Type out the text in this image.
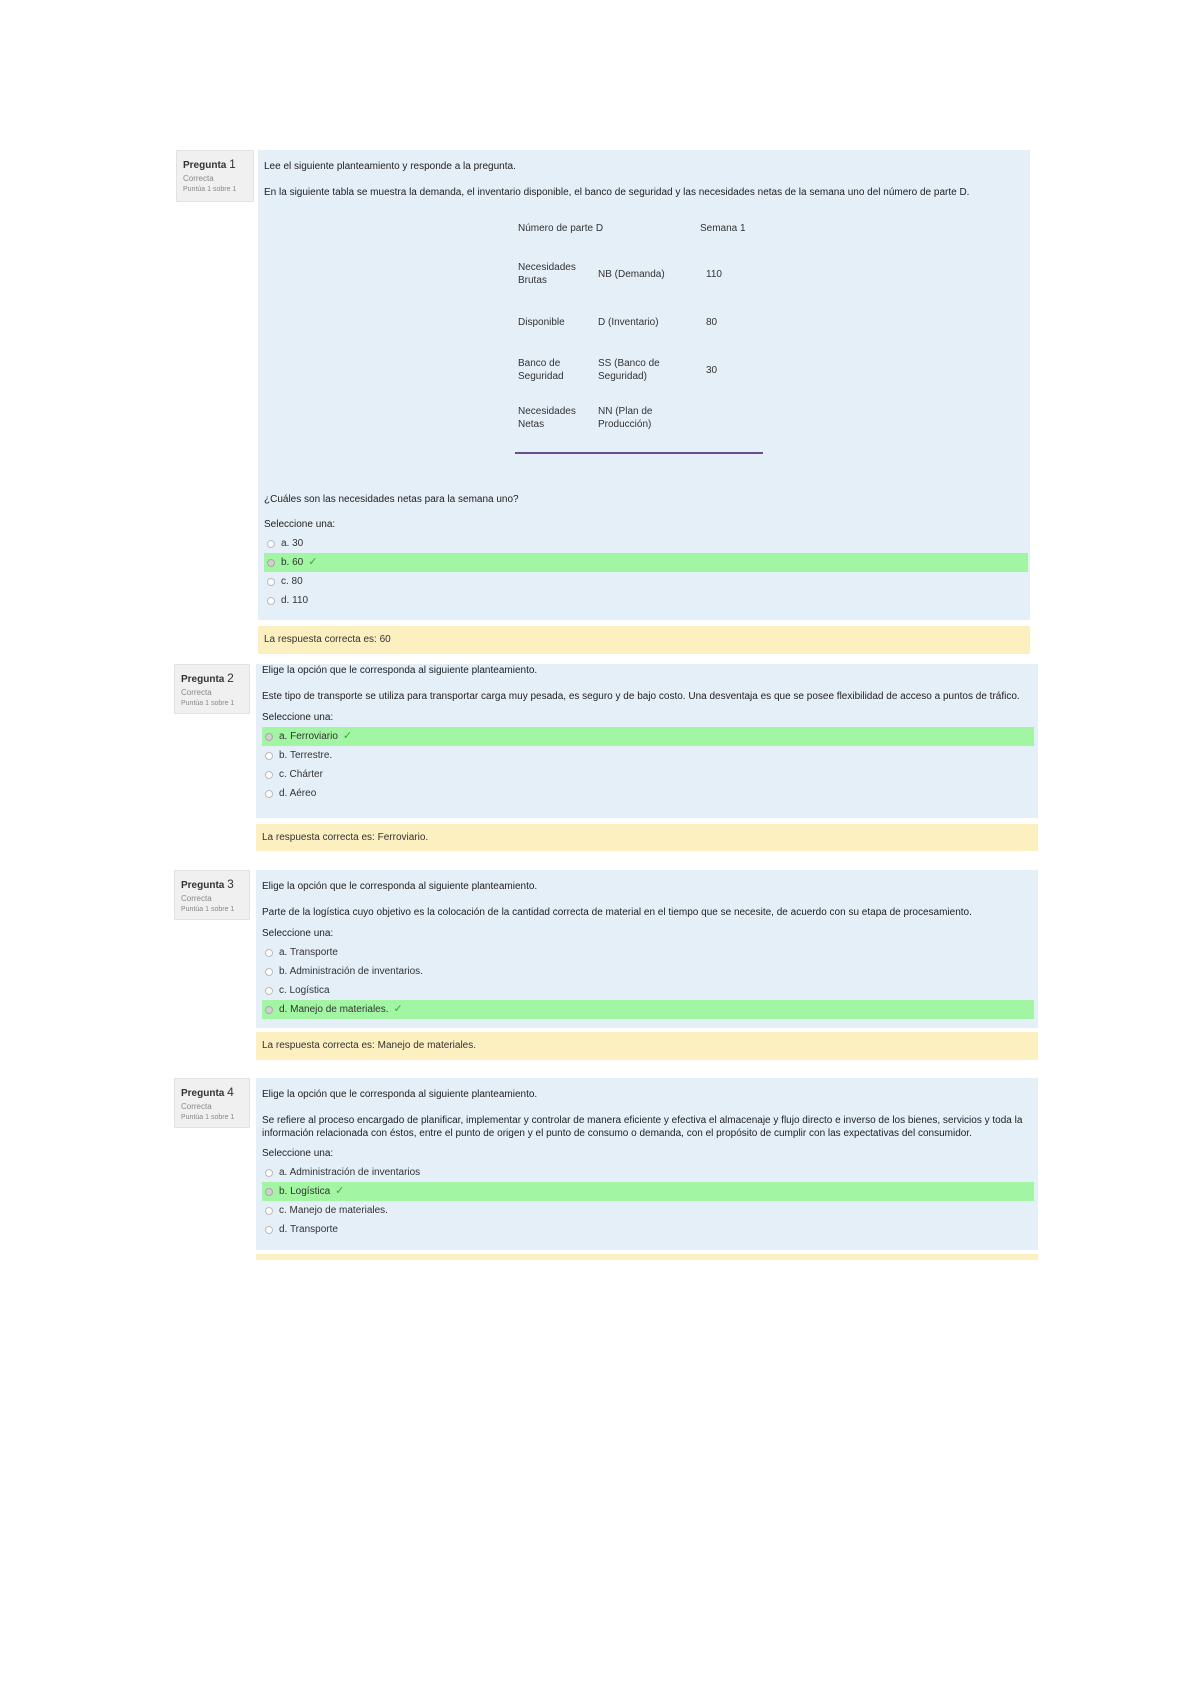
Pregunta 1
Correcta
Puntúa 1 sobre 1

Lee el siguiente planteamiento y responde a la pregunta.

En la siguiente tabla se muestra la demanda, el inventario disponible, el banco de seguridad y las necesidades netas de la semana uno del número de parte D.

Número de parte D		Semana 1
Necesidades Brutas	NB (Demanda)	110
Disponible	D (Inventario)	80
Banco de Seguridad	SS (Banco de Seguridad)	30
Necesidades Netas	NN (Plan de Producción)	
¿Cuáles son las necesidades netas para la semana uno?
Seleccione una:
a. 30
b. 60 ✓
c. 80
d. 110
La respuesta correcta es: 60
Pregunta 2
Correcta
Puntúa 1 sobre 1

Elige la opción que le corresponda al siguiente planteamiento.

Este tipo de transporte se utiliza para transportar carga muy pesada, es seguro y de bajo costo. Una desventaja es que se posee flexibilidad de acceso a puntos de tráfico.

Seleccione una:
a. Ferroviario ✓
b. Terrestre.
c. Chárter
d. Aéreo
La respuesta correcta es: Ferroviario.
Pregunta 3
Correcta
Puntúa 1 sobre 1

Elige la opción que le corresponda al siguiente planteamiento.

Parte de la logística cuyo objetivo es la colocación de la cantidad correcta de material en el tiempo que se necesite, de acuerdo con su etapa de procesamiento.

Seleccione una:
a. Transporte
b. Administración de inventarios.
c. Logística
d. Manejo de materiales. ✓
La respuesta correcta es: Manejo de materiales.
Pregunta 4
Correcta
Puntúa 1 sobre 1

Elige la opción que le corresponda al siguiente planteamiento.

Se refiere al proceso encargado de planificar, implementar y controlar de manera eficiente y efectiva el almacenaje y flujo directo e inverso de los bienes, servicios y toda la información relacionada con éstos, entre el punto de origen y el punto de consumo o demanda, con el propósito de cumplir con las expectativas del consumidor.

Seleccione una:
a. Administración de inventarios
b. Logística ✓
c. Manejo de materiales.
d. Transporte
